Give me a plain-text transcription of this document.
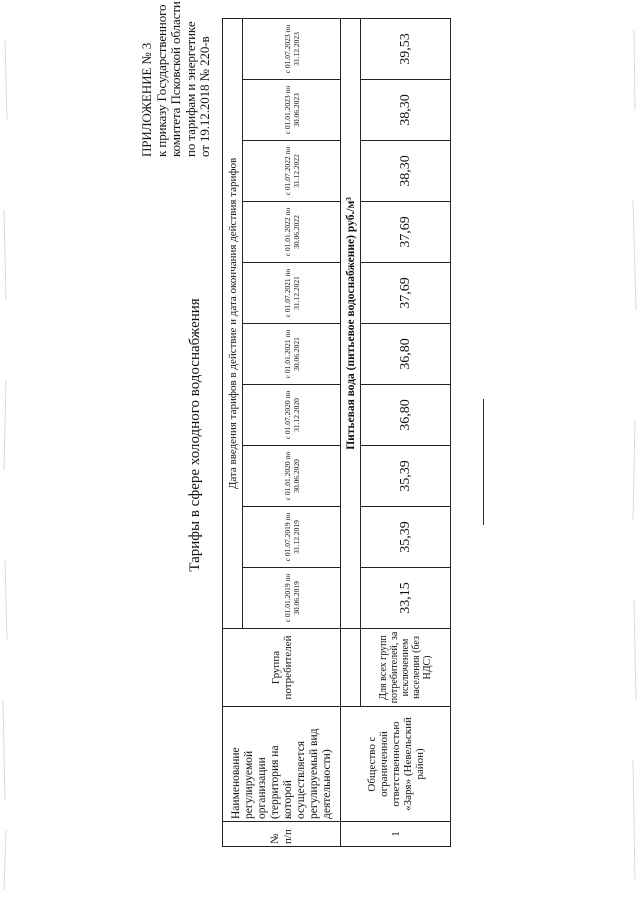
ПРИЛОЖЕНИЕ № 3 к приказу Государственного комитета Псковской области по тарифам и энергетике от 19.12.2018 № 220-в
Тарифы в сфере холодного водоснабжения
№ п/п	Наименование регулируемой организации (территория на которой осуществляется регулируемый вид деятельности)	Группа потребителей	Дата введения тарифов в действие и дата окончания действия тарифов									
			с 01.01.2019 по 30.06.2019	с 01.07.2019 по 31.12.2019	с 01.01.2020 по 30.06.2020	с 01.07.2020 по 31.12.2020	с 01.01.2021 по 30.06.2021	с 01.07.2021 по 31.12.2021	с 01.01.2022 по 30.06.2022	с 01.07.2022 по 31.12.2022	с 01.01.2023 по 30.06.2023	с 01.07.2023 по 31.12.2023
1	Общество с ограниченной ответственностью «Заря» (Невельский район)		Питьевая вода (питьевое водоснабжение) руб./м³									
		Для всех групп потребителей, за исключением населения (без НДС)	33,15	35,39	35,39	36,80	36,80	37,69	37,69	38,30	38,30	39,53
